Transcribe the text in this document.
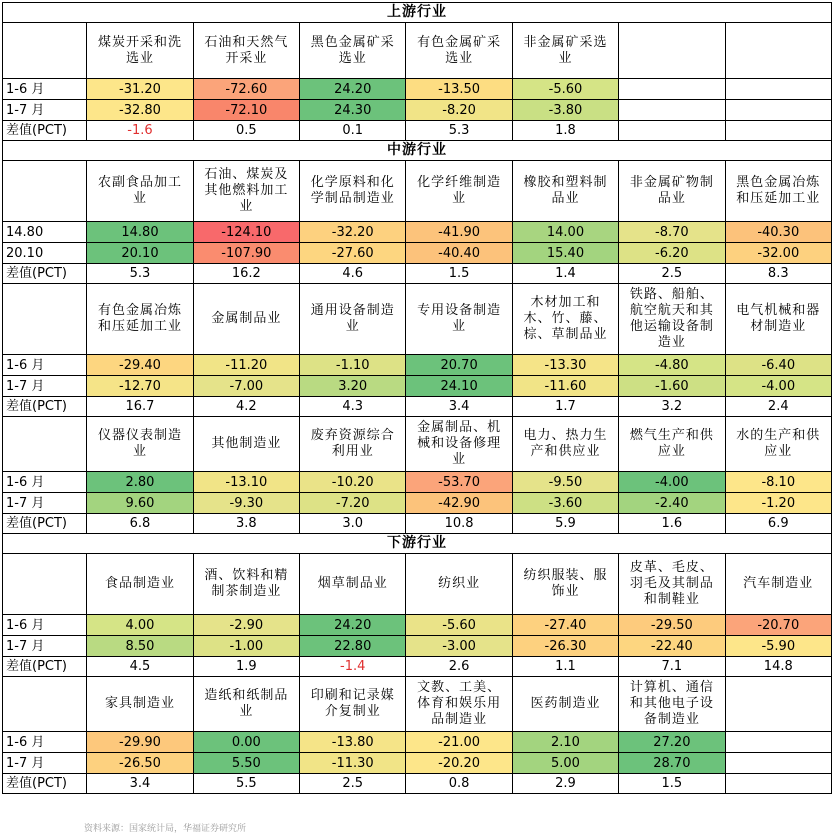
上游行业							
	煤炭开采和洗选业	石油和天然气开采业	黑色金属矿采选业	有色金属矿采选业	非金属矿采选业		
1-6 月	-31.20	-72.60	24.20	-13.50	-5.60		
1-7 月	-32.80	-72.10	24.30	-8.20	-3.80		
差值(PCT)	-1.6	0.5	0.1	5.3	1.8		
中游行业							
	农副食品加工业	石油、煤炭及其他燃料加工业	化学原料和化学制品制造业	化学纤维制造业	橡胶和塑料制品业	非金属矿物制品业	黑色金属冶炼和压延加工业
14.80	14.80	-124.10	-32.20	-41.90	14.00	-8.70	-40.30
20.10	20.10	-107.90	-27.60	-40.40	15.40	-6.20	-32.00
差值(PCT)	5.3	16.2	4.6	1.5	1.4	2.5	8.3
	有色金属冶炼和压延加工业	金属制品业	通用设备制造业	专用设备制造业	木材加工和木、竹、藤、棕、草制品业	铁路、船舶、航空航天和其他运输设备制造业	电气机械和器材制造业
1-6 月	-29.40	-11.20	-1.10	20.70	-13.30	-4.80	-6.40
1-7 月	-12.70	-7.00	3.20	24.10	-11.60	-1.60	-4.00
差值(PCT)	16.7	4.2	4.3	3.4	1.7	3.2	2.4
	仪器仪表制造业	其他制造业	废弃资源综合利用业	金属制品、机械和设备修理业	电力、热力生产和供应业	燃气生产和供应业	水的生产和供应业
1-6 月	2.80	-13.10	-10.20	-53.70	-9.50	-4.00	-8.10
1-7 月	9.60	-9.30	-7.20	-42.90	-3.60	-2.40	-1.20
差值(PCT)	6.8	3.8	3.0	10.8	5.9	1.6	6.9
下游行业							
	食品制造业	酒、饮料和精制茶制造业	烟草制品业	纺织业	纺织服装、服饰业	皮革、毛皮、羽毛及其制品和制鞋业	汽车制造业
1-6 月	4.00	-2.90	24.20	-5.60	-27.40	-29.50	-20.70
1-7 月	8.50	-1.00	22.80	-3.00	-26.30	-22.40	-5.90
差值(PCT)	4.5	1.9	-1.4	2.6	1.1	7.1	14.8
	家具制造业	造纸和纸制品业	印刷和记录媒介复制业	文教、工美、体育和娱乐用品制造业	医药制造业	计算机、通信和其他电子设备制造业	
1-6 月	-29.90	0.00	-13.80	-21.00	2.10	27.20	
1-7 月	-26.50	5.50	-11.30	-20.20	5.00	28.70	
差值(PCT)	3.4	5.5	2.5	0.8	2.9	1.5	
资料来源：国家统计局，华福证券研究所
